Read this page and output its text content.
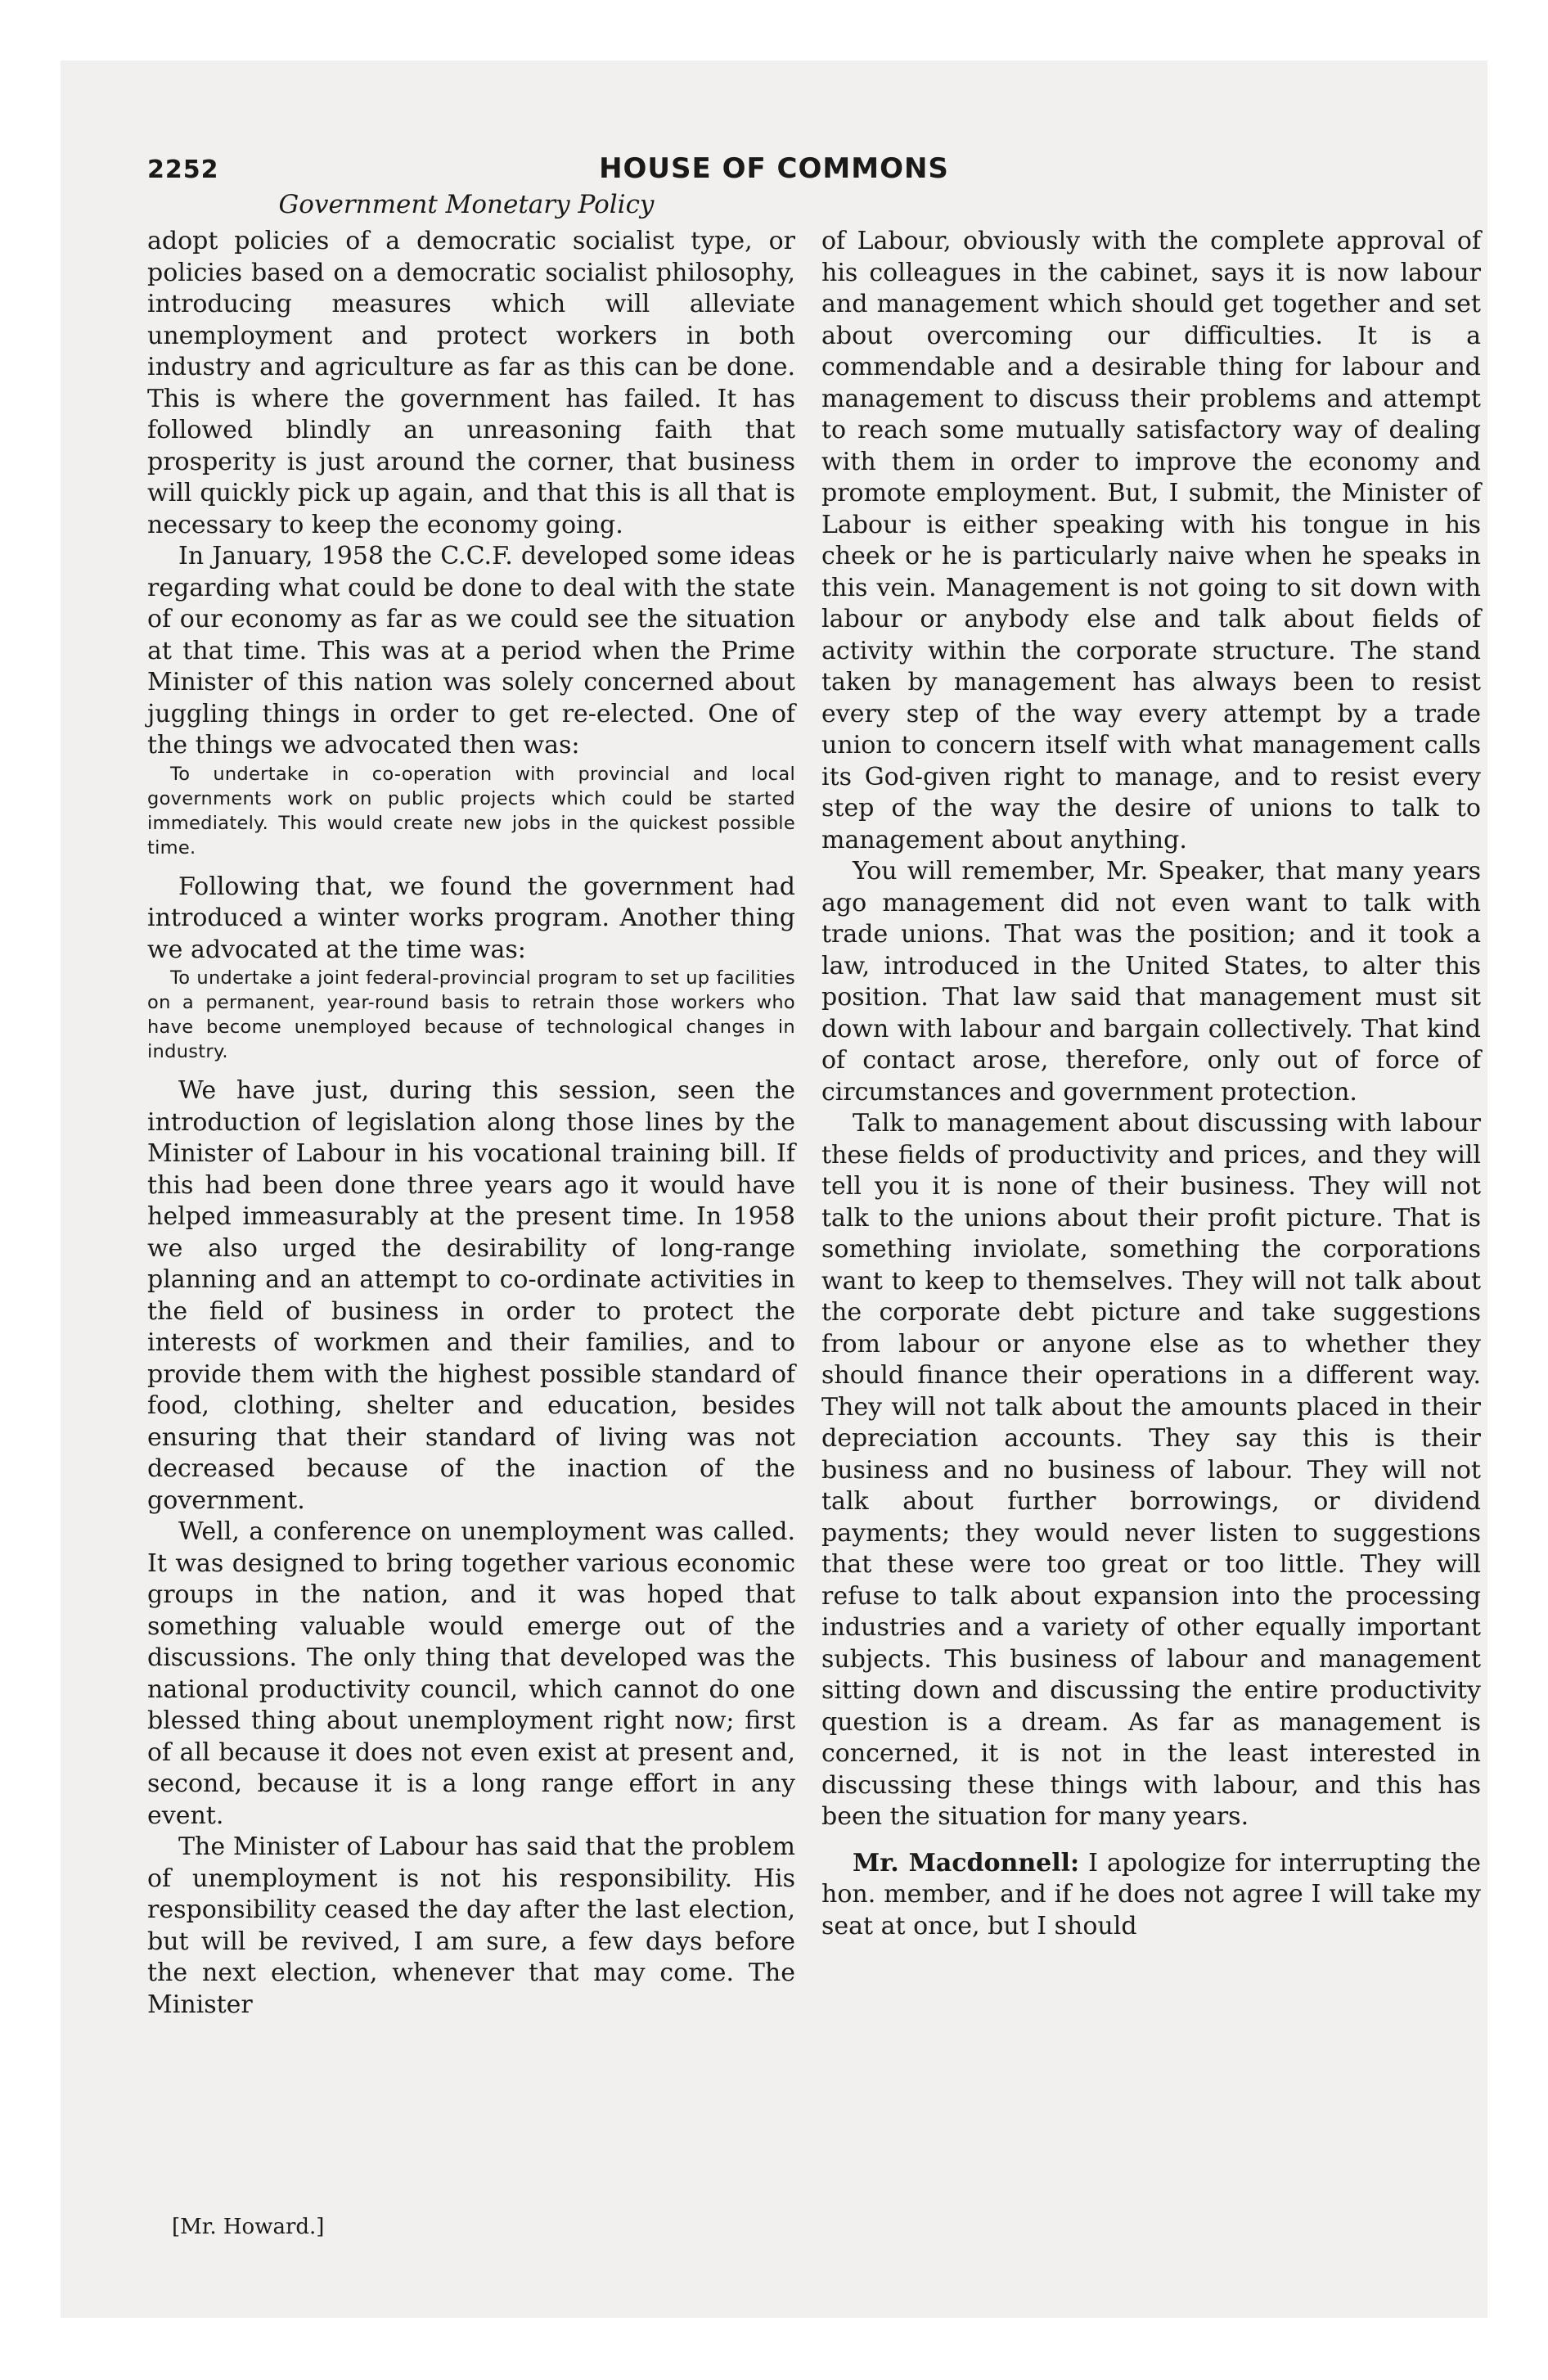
2252	HOUSE OF COMMONS
Government Monetary Policy

adopt policies of a democratic socialist type, or policies based on a democratic socialist philosophy, introducing measures which will alleviate unemployment and protect workers in both industry and agriculture as far as this can be done. This is where the government has failed. It has followed blindly an unreasoning faith that prosperity is just around the corner, that business will quickly pick up again, and that this is all that is necessary to keep the economy going.

In January, 1958 the C.C.F. developed some ideas regarding what could be done to deal with the state of our economy as far as we could see the situation at that time. This was at a period when the Prime Minister of this nation was solely concerned about juggling things in order to get re-elected. One of the things we advocated then was:

To undertake in co-operation with provincial and local governments work on public projects which could be started immediately. This would create new jobs in the quickest possible time.

Following that, we found the government had introduced a winter works program. Another thing we advocated at the time was:

To undertake a joint federal-provincial program to set up facilities on a permanent, year-round basis to retrain those workers who have become unemployed because of technological changes in industry.

We have just, during this session, seen the introduction of legislation along those lines by the Minister of Labour in his vocational training bill. If this had been done three years ago it would have helped immeasurably at the present time. In 1958 we also urged the desirability of long-range planning and an attempt to co-ordinate activities in the field of business in order to protect the interests of workmen and their families, and to provide them with the highest possible standard of food, clothing, shelter and education, besides ensuring that their standard of living was not decreased because of the inaction of the government.

Well, a conference on unemployment was called. It was designed to bring together various economic groups in the nation, and it was hoped that something valuable would emerge out of the discussions. The only thing that developed was the national productivity council, which cannot do one blessed thing about unemployment right now; first of all because it does not even exist at present and, second, because it is a long range effort in any event.

The Minister of Labour has said that the problem of unemployment is not his responsibility. His responsibility ceased the day after the last election, but will be revived, I am sure, a few days before the next election, whenever that may come. The Minister

of Labour, obviously with the complete approval of his colleagues in the cabinet, says it is now labour and management which should get together and set about overcoming our difficulties. It is a commendable and a desirable thing for labour and management to discuss their problems and attempt to reach some mutually satisfactory way of dealing with them in order to improve the economy and promote employment. But, I submit, the Minister of Labour is either speaking with his tongue in his cheek or he is particularly naive when he speaks in this vein. Management is not going to sit down with labour or anybody else and talk about fields of activity within the corporate structure. The stand taken by management has always been to resist every step of the way every attempt by a trade union to concern itself with what management calls its God-given right to manage, and to resist every step of the way the desire of unions to talk to management about anything.

You will remember, Mr. Speaker, that many years ago management did not even want to talk with trade unions. That was the position; and it took a law, introduced in the United States, to alter this position. That law said that management must sit down with labour and bargain collectively. That kind of contact arose, therefore, only out of force of circumstances and government protection.

Talk to management about discussing with labour these fields of productivity and prices, and they will tell you it is none of their business. They will not talk to the unions about their profit picture. That is something inviolate, something the corporations want to keep to themselves. They will not talk about the corporate debt picture and take suggestions from labour or anyone else as to whether they should finance their operations in a different way. They will not talk about the amounts placed in their depreciation accounts. They say this is their business and no business of labour. They will not talk about further borrowings, or dividend payments; they would never listen to suggestions that these were too great or too little. They will refuse to talk about expansion into the processing industries and a variety of other equally important subjects. This business of labour and management sitting down and discussing the entire productivity question is a dream. As far as management is concerned, it is not in the least interested in discussing these things with labour, and this has been the situation for many years.

Mr. Macdonnell: I apologize for interrupting the hon. member, and if he does not agree I will take my seat at once, but I should

[Mr. Howard.]
